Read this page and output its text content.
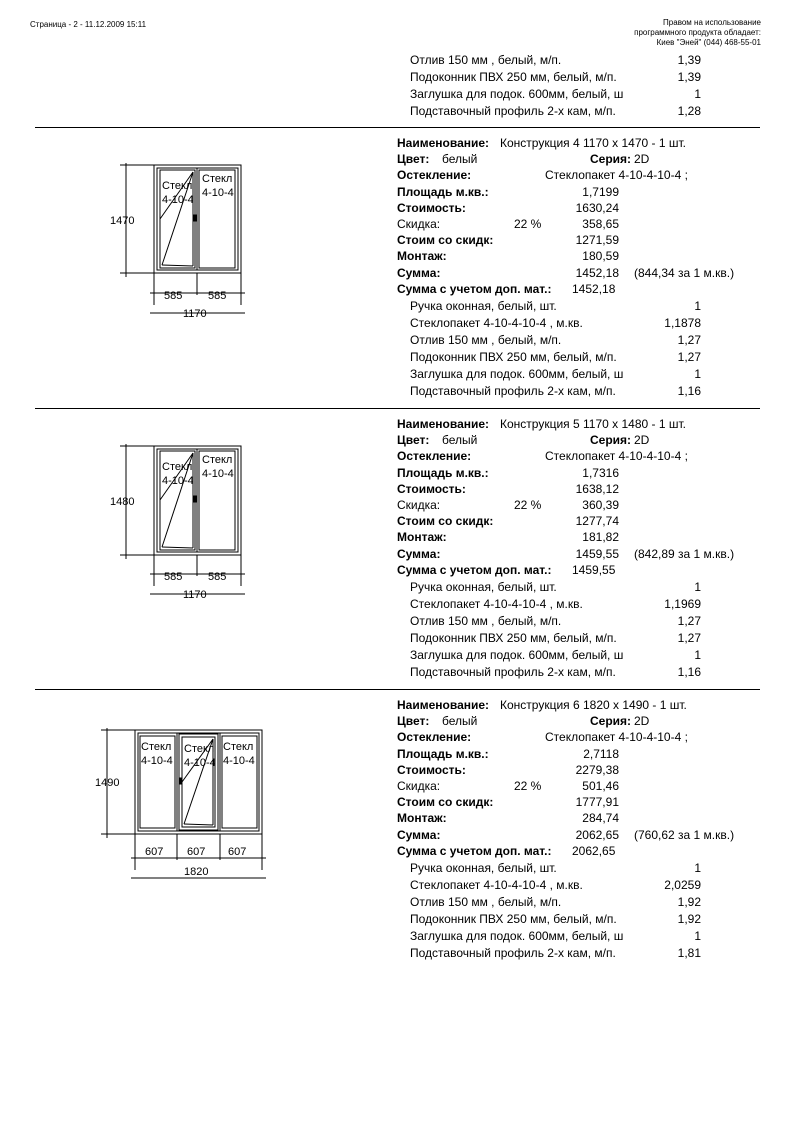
Страница - 2 - 11.12.2009 15:11	Правом на использование
программного продукта обладает:
Киев "Эней" (044) 468-55-01
Отлив 150 мм , белый, м/п.	1,39
Подоконник ПВХ 250 мм, белый, м/п.	1,39
Заглушка для подок. 600мм, белый, ш	1
Подставочный профиль 2-х кам, м/п.	1,28
Наименование: Конструкция 4 1170 x 1470 - 1 шт.
Цвет: белый	Серия: 2D
Остекление:	Стеклопакет 4-10-4-10-4 ;
Площадь м.кв.:	1,7199
Стоимость:	1630,24
Скидка:	22 %	358,65
Стоим со скидк:	1271,59
Монтаж:	180,59
Сумма:	1452,18 (844,34 за 1 м.кв.)
Сумма с учетом доп. мат.: 1452,18
Ручка оконная, белый, шт.	1
Стеклопакет 4-10-4-10-4 , м.кв.	1,1878
Отлив 150 мм , белый, м/п.	1,27
Подоконник ПВХ 250 мм, белый, м/п.	1,27
Заглушка для подок. 600мм, белый, ш	1
Подставочный профиль 2-х кам, м/п.	1,16
Наименование: Конструкция 5 1170 x 1480 - 1 шт.
Цвет: белый	Серия: 2D
Остекление:	Стеклопакет 4-10-4-10-4 ;
Площадь м.кв.:	1,7316
Стоимость:	1638,12
Скидка:	22 %	360,39
Стоим со скидк:	1277,74
Монтаж:	181,82
Сумма:	1459,55 (842,89 за 1 м.кв.)
Сумма с учетом доп. мат.: 1459,55
Ручка оконная, белый, шт.	1
Стеклопакет 4-10-4-10-4 , м.кв.	1,1969
Отлив 150 мм , белый, м/п.	1,27
Подоконник ПВХ 250 мм, белый, м/п.	1,27
Заглушка для подок. 600мм, белый, ш	1
Подставочный профиль 2-х кам, м/п.	1,16
Наименование: Конструкция 6 1820 x 1490 - 1 шт.
Цвет: белый	Серия: 2D
Остекление:	Стеклопакет 4-10-4-10-4 ;
Площадь м.кв.:	2,7118
Стоимость:	2279,38
Скидка:	22 %	501,46
Стоим со скидк:	1777,91
Монтаж:	284,74
Сумма:	2062,65 (760,62 за 1 м.кв.)
Сумма с учетом доп. мат.: 2062,65
Ручка оконная, белый, шт.	1
Стеклопакет 4-10-4-10-4 , м.кв.	2,0259
Отлив 150 мм , белый, м/п.	1,92
Подоконник ПВХ 250 мм, белый, м/п.	1,92
Заглушка для подок. 600мм, белый, ш	1
Подставочный профиль 2-х кам, м/п.	1,81
1470
Стекл
4-10-4
Стекл
4-10-4
585 585
1170
1480
Стекл
4-10-4
Стекл
4-10-4
585 585
1170
1490
Стекл
4-10-4
Стекл
4-10-4
Стекл
4-10-4
607 607 607
1820
